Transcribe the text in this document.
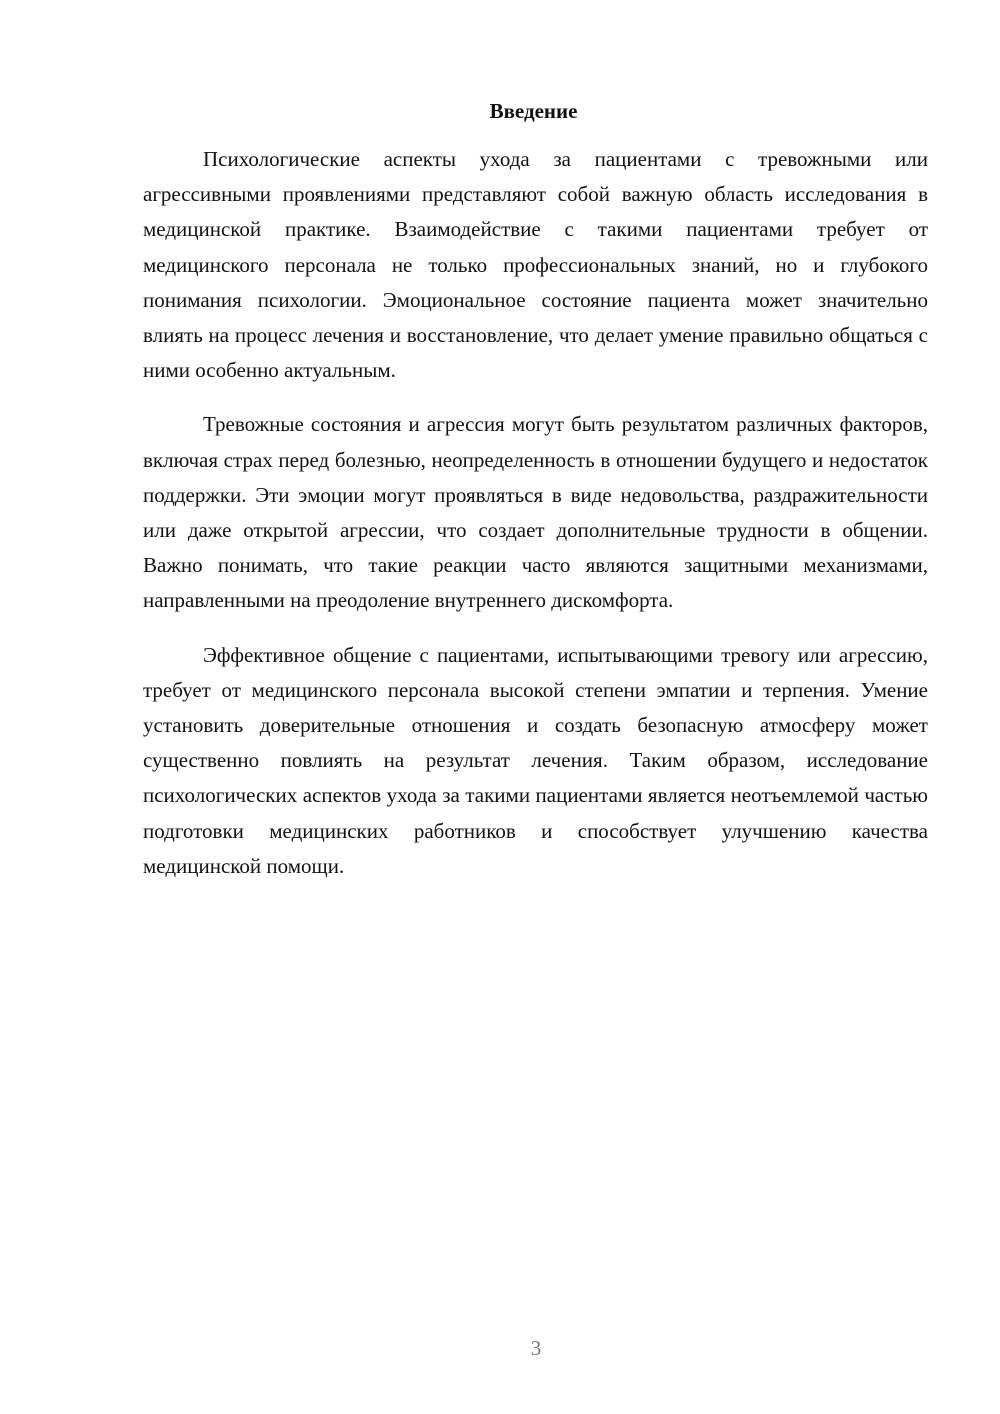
Введение

Психологические аспекты ухода за пациентами с тревожными или агрессивными проявлениями представляют собой важную область исследования в медицинской практике. Взаимодействие с такими пациентами требует от медицинского персонала не только профессиональных знаний, но и глубокого понимания психологии. Эмоциональное состояние пациента может значительно влиять на процесс лечения и восстановление, что делает умение правильно общаться с ними особенно актуальным.

Тревожные состояния и агрессия могут быть результатом различных факторов, включая страх перед болезнью, неопределенность в отношении будущего и недостаток поддержки. Эти эмоции могут проявляться в виде недовольства, раздражительности или даже открытой агрессии, что создает дополнительные трудности в общении. Важно понимать, что такие реакции часто являются защитными механизмами, направленными на преодоление внутреннего дискомфорта.

Эффективное общение с пациентами, испытывающими тревогу или агрессию, требует от медицинского персонала высокой степени эмпатии и терпения. Умение установить доверительные отношения и создать безопасную атмосферу может существенно повлиять на результат лечения. Таким образом, исследование психологических аспектов ухода за такими пациентами является неотъемлемой частью подготовки медицинских работников и способствует улучшению качества медицинской помощи.

3
